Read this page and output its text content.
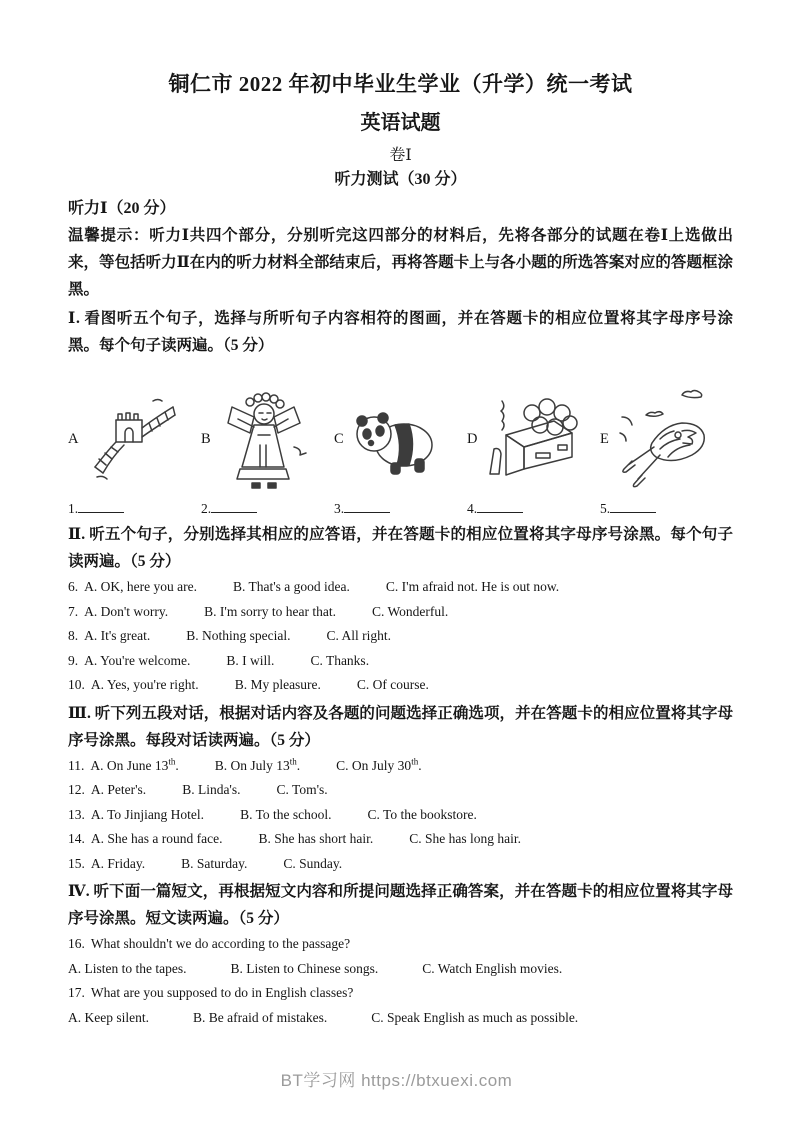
铜仁市 2022 年初中毕业生学业（升学）统一考试
英语试题
卷Ⅰ
听力测试（30 分）
听力Ⅰ（20 分）

温馨提示：听力Ⅰ共四个部分，分别听完这四部分的材料后，先将各部分的试题在卷Ⅰ上选做出来，等包括听力Ⅱ在内的听力材料全部结束后，再将答题卡上与各小题的所选答案对应的答题框涂黑。

Ⅰ. 看图听五个句子，选择与所听句子内容相符的图画，并在答题卡的相应位置将其字母序号涂黑。每个句子读两遍。（5 分）

A	B	C	D	E
1.	2.	3.	4.	5.

Ⅱ. 听五个句子，分别选择其相应的应答语，并在答题卡的相应位置将其字母序号涂黑。每个句子读两遍。（5 分）

6. A. OK, here you are.	B. That's a good idea.	C. I'm afraid not. He is out now.

7. A. Don't worry.	B. I'm sorry to hear that.	C. Wonderful.

8. A. It's great.	B. Nothing special.	C. All right.

9. A. You're welcome.	B. I will.	C. Thanks.

10. A. Yes, you're right.	B. My pleasure.	C. Of course.

Ⅲ. 听下列五段对话，根据对话内容及各题的问题选择正确选项，并在答题卡的相应位置将其字母序号涂黑。每段对话读两遍。（5 分）

11. A. On June 13th.	B. On July 13th.	C. On July 30th.

12. A. Peter's.	B. Linda's.	C. Tom's.

13. A. To Jinjiang Hotel.	B. To the school.	C. To the bookstore.

14. A. She has a round face.	B. She has short hair.	C. She has long hair.

15. A. Friday.	B. Saturday.	C. Sunday.

Ⅳ. 听下面一篇短文，再根据短文内容和所提问题选择正确答案，并在答题卡的相应位置将其字母序号涂黑。短文读两遍。（5 分）

16. What shouldn't we do according to the passage?

A. Listen to the tapes.	B. Listen to Chinese songs.	C. Watch English movies.

17. What are you supposed to do in English classes?

A. Keep silent.	B. Be afraid of mistakes.	C. Speak English as much as possible.

BT学习网 https://btxuexi.com
